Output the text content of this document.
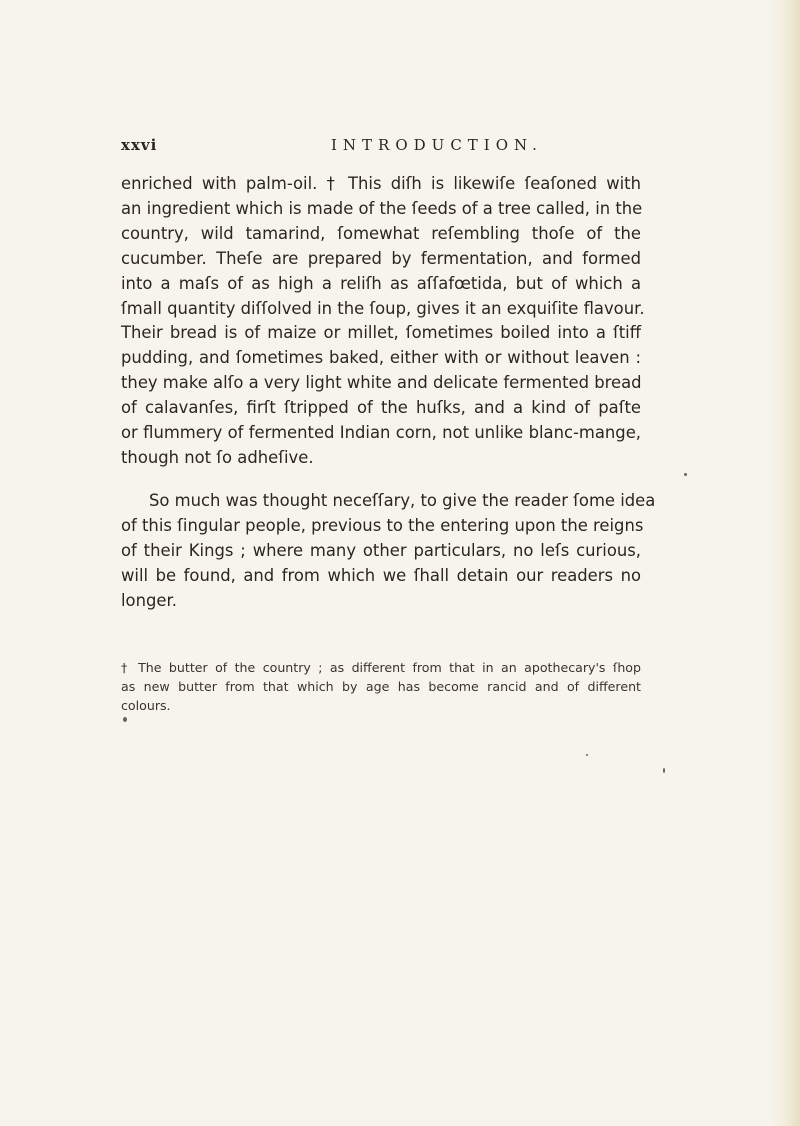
xxvi	INTRODUCTION.
enriched with palm-oil. † This diſh is likewiſe ſeaſoned with
an ingredient which is made of the ſeeds of a tree called, in the
country, wild tamarind, ſomewhat reſembling thoſe of the
cucumber. Theſe are prepared by fermentation, and formed
into a maſs of as high a reliſh as aſſafœtida, but of which a
ſmall quantity diſſolved in the ſoup, gives it an exquiſite flavour.
Their bread is of maize or millet, ſometimes boiled into a ſtiff
pudding, and ſometimes baked, either with or without leaven :
they make alſo a very light white and delicate fermented bread
of calavanſes, firſt ſtripped of the huſks, and a kind of paſte
or flummery of fermented Indian corn, not unlike blanc-mange,
though not ſo adheſive.
So much was thought neceſſary, to give the reader ſome idea
of this ſingular people, previous to the entering upon the reigns
of their Kings ; where many other particulars, no leſs curious,
will be found, and from which we ſhall detain our readers no
longer.
† The butter of the country ; as different from that in an apothecary's ſhop
as new butter from that which by age has become rancid and of different
colours.
